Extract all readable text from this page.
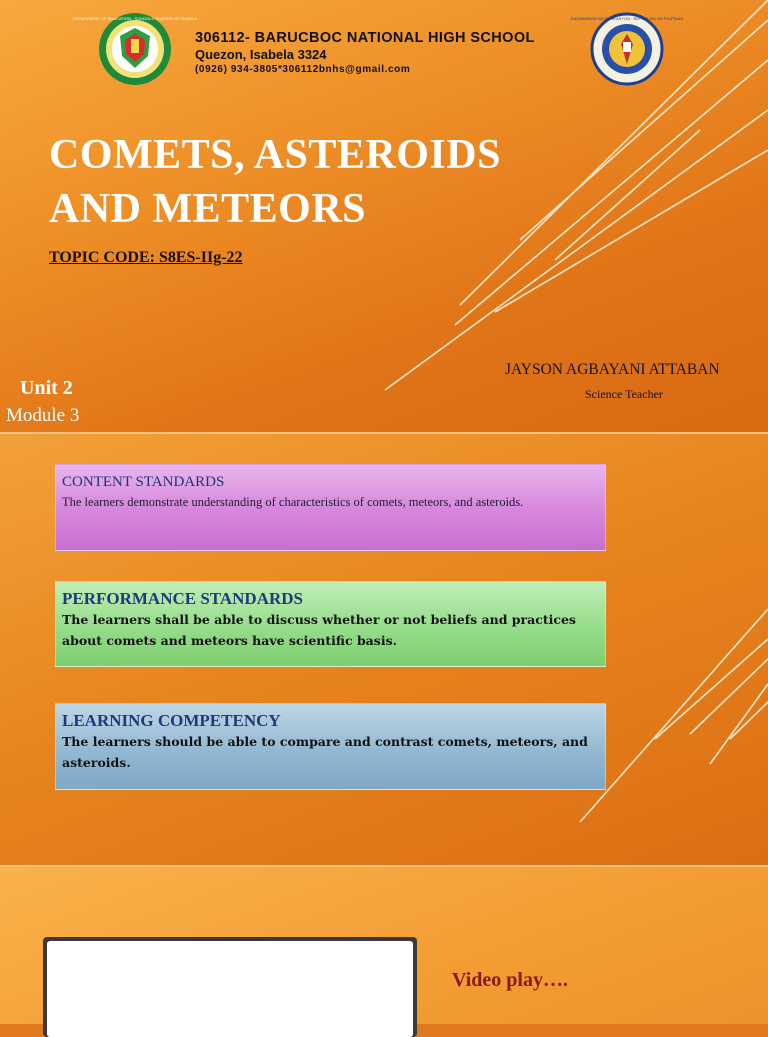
DEPARTMENT OF EDUCATION · SCHOOLS DIVISION OF ISABELA
306112- BARUCBOC NATIONAL HIGH SCHOOL
Quezon, Isabela 3324
(0926) 934-3805*306112bnhs@gmail.com
KAGAWARAN NG EDUKASYON · REPUBLIKA NG PILIPINAS
COMETS, ASTEROIDS
AND METEORS
TOPIC CODE: S8ES-IIg-22
JAYSON AGBAYANI ATTABAN
Science Teacher
Unit 2
Module 3
CONTENT STANDARDS
The learners demonstrate understanding of characteristics of comets, meteors, and asteroids.
PERFORMANCE STANDARDS
The learners shall be able to discuss whether or not beliefs and practices about comets and meteors have scientific basis.
LEARNING COMPETENCY
The learners should be able to compare and contrast comets, meteors, and asteroids.
Video play….
